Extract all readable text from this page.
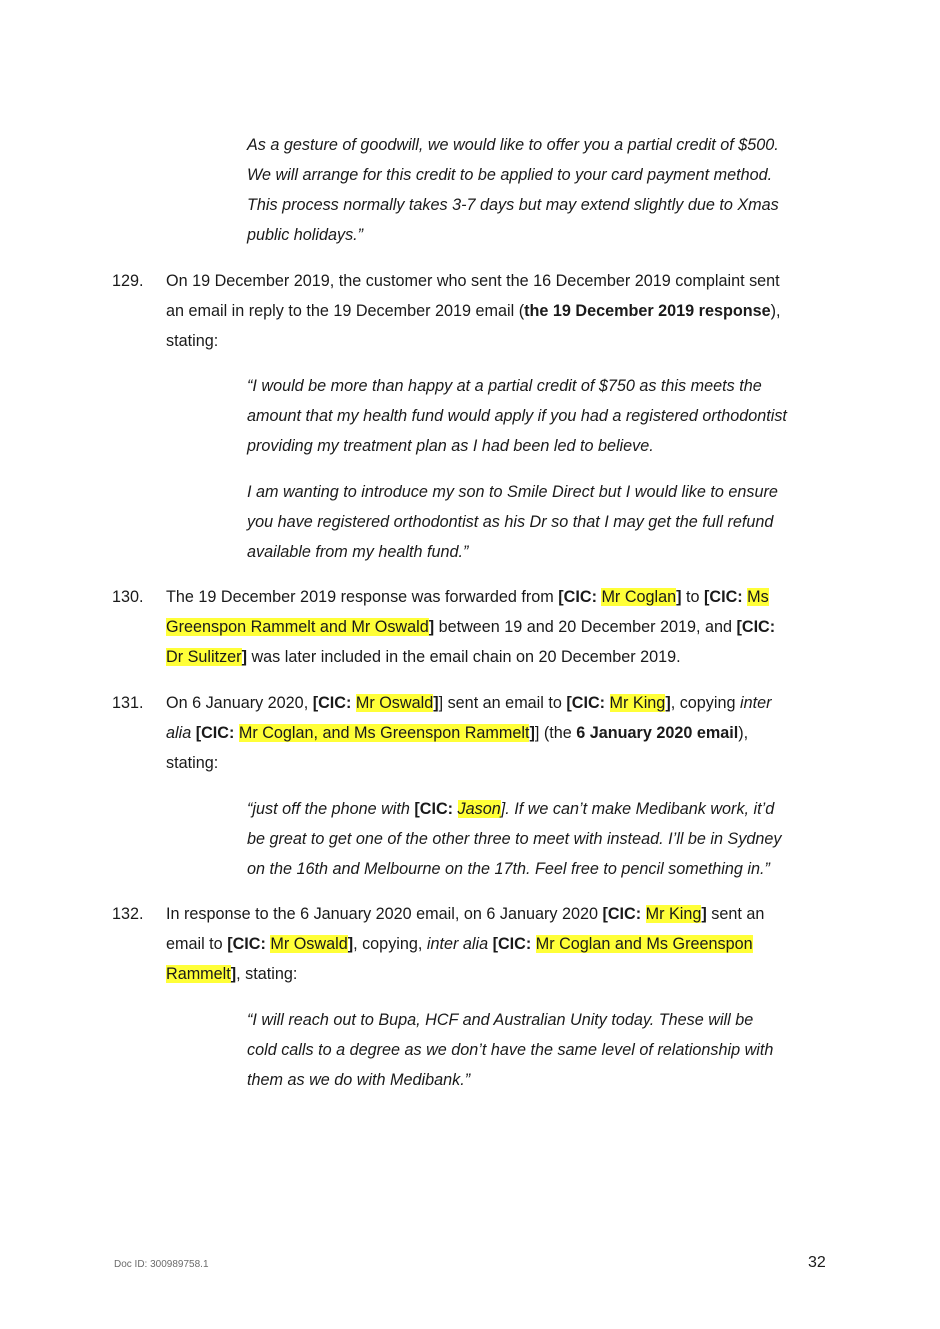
As a gesture of goodwill, we would like to offer you a partial credit of $500.
We will arrange for this credit to be applied to your card payment method.
This process normally takes 3-7 days but may extend slightly due to Xmas
public holidays.”
129.	On 19 December 2019, the customer who sent the 16 December 2019 complaint sent
an email in reply to the 19 December 2019 email (the 19 December 2019 response),
stating:
“I would be more than happy at a partial credit of $750 as this meets the
amount that my health fund would apply if you had a registered orthodontist
providing my treatment plan as I had been led to believe.
I am wanting to introduce my son to Smile Direct but I would like to ensure
you have registered orthodontist as his Dr so that I may get the full refund
available from my health fund.”
130.	The 19 December 2019 response was forwarded from [CIC: Mr Coglan] to [CIC: Ms
Greenspon Rammelt and Mr Oswald] between 19 and 20 December 2019, and [CIC:
Dr Sulitzer] was later included in the email chain on 20 December 2019.
131.	On 6 January 2020, [CIC: Mr Oswald]] sent an email to [CIC: Mr King], copying inter
alia [CIC: Mr Coglan, and Ms Greenspon Rammelt]] (the 6 January 2020 email),
stating:
“just off the phone with [CIC: Jason]. If we can’t make Medibank work, it’d
be great to get one of the other three to meet with instead. I’ll be in Sydney
on the 16th and Melbourne on the 17th. Feel free to pencil something in.”
132.	In response to the 6 January 2020 email, on 6 January 2020 [CIC: Mr King] sent an
email to [CIC: Mr Oswald], copying, inter alia [CIC: Mr Coglan and Ms Greenspon
Rammelt], stating:
“I will reach out to Bupa, HCF and Australian Unity today. These will be
cold calls to a degree as we don’t have the same level of relationship with
them as we do with Medibank.”
Doc ID: 300989758.1	32
